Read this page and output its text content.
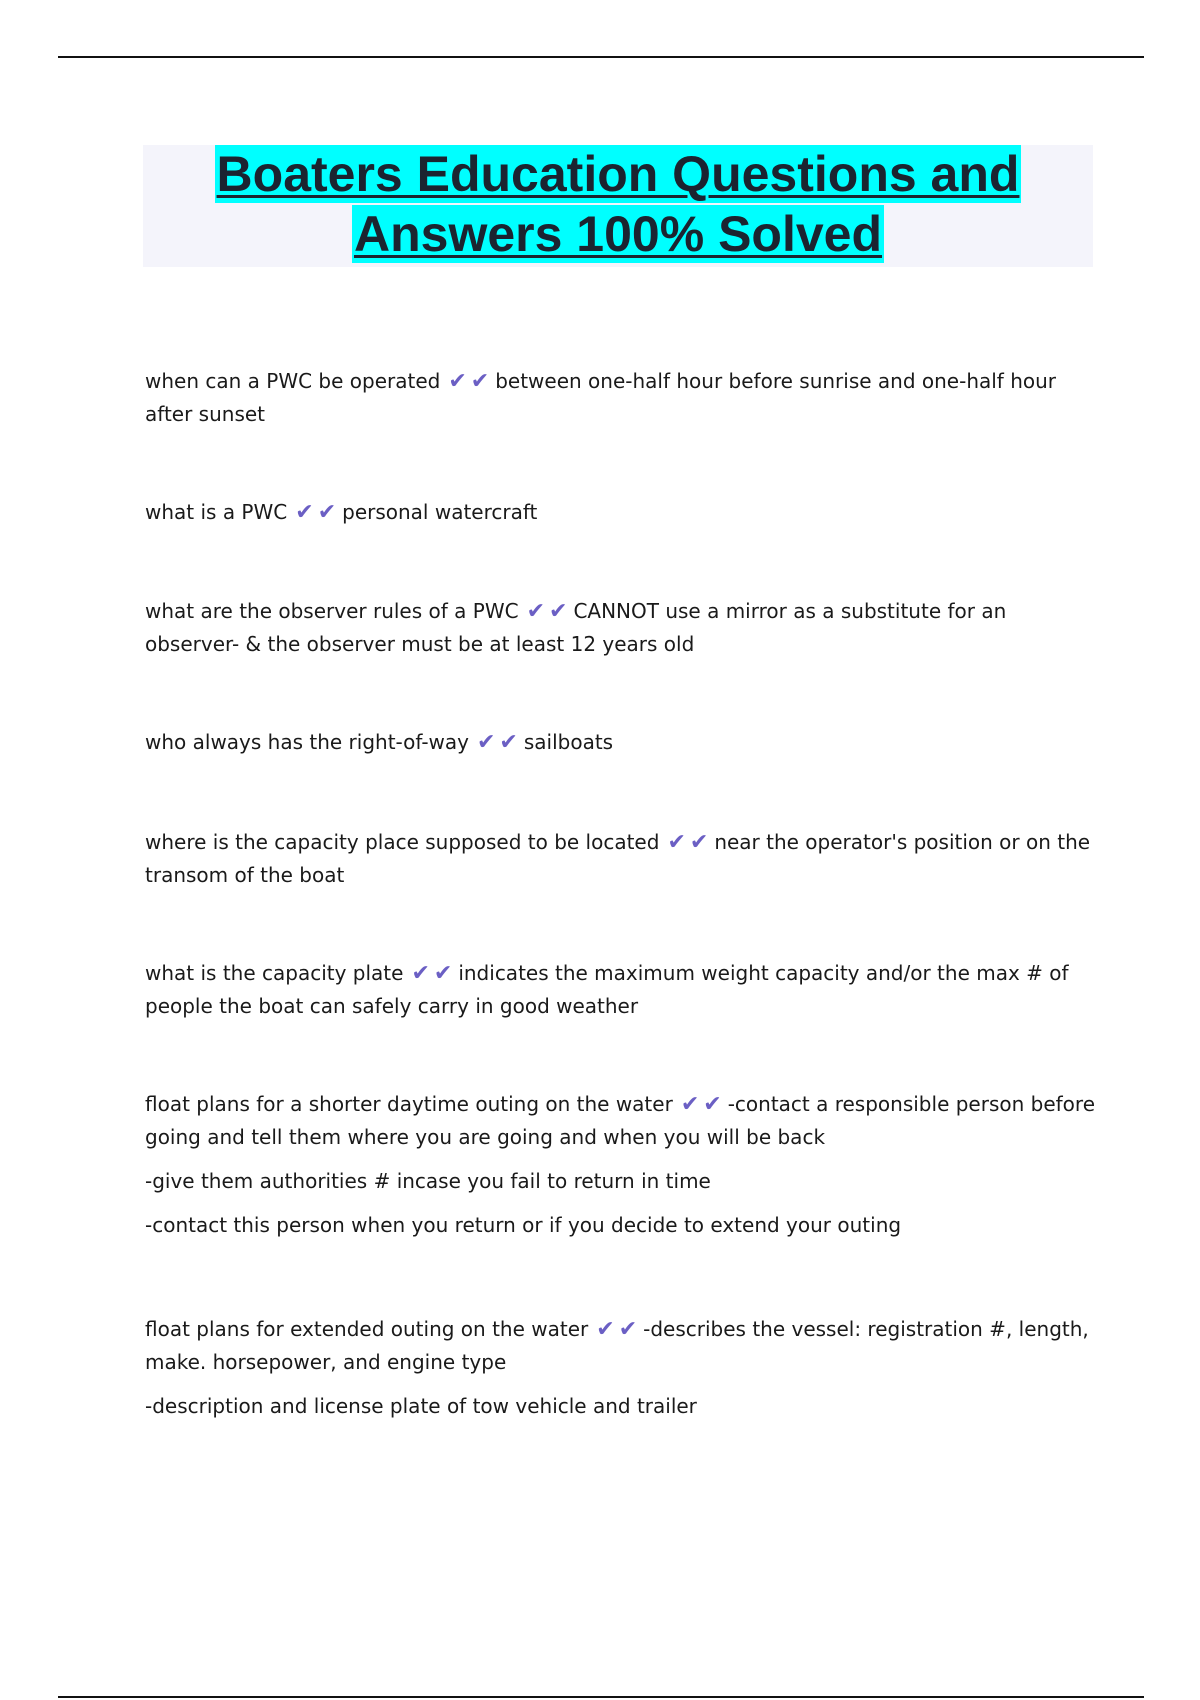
Boaters Education Questions and
Answers 100% Solved

when can a PWC be operated ✔ ✔ between one-half hour before sunrise and one-half hour after sunset

what is a PWC ✔ ✔ personal watercraft

what are the observer rules of a PWC ✔ ✔ CANNOT use a mirror as a substitute for an observer- & the observer must be at least 12 years old

who always has the right-of-way ✔ ✔ sailboats

where is the capacity place supposed to be located ✔ ✔ near the operator's position or on the transom of the boat

what is the capacity plate ✔ ✔ indicates the maximum weight capacity and/or the max # of people the boat can safely carry in good weather

float plans for a shorter daytime outing on the water ✔ ✔ -contact a responsible person before going and tell them where you are going and when you will be back

-give them authorities # incase you fail to return in time

-contact this person when you return or if you decide to extend your outing

float plans for extended outing on the water ✔ ✔ -describes the vessel: registration #, length, make. horsepower, and engine type

-description and license plate of tow vehicle and trailer
